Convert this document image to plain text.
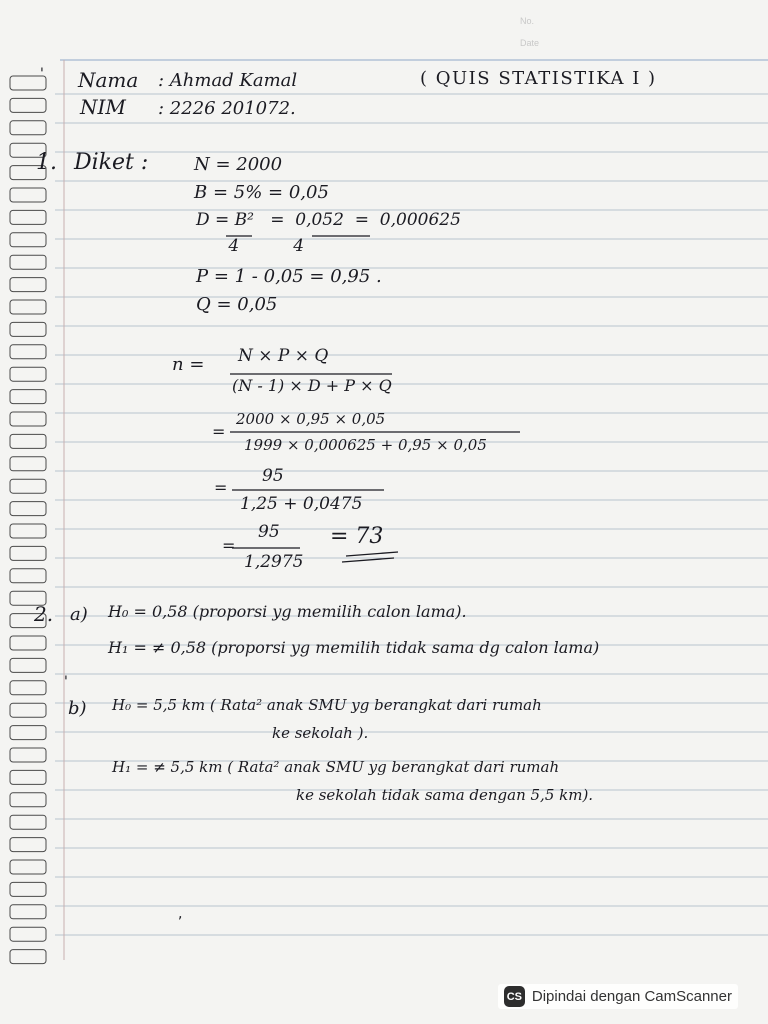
No.
Date
' Nama : Ahmad Kamal
NIM : 2226 201072.
( QUIS STATISTIKA I )
1. Diket :	N = 2000
B = 5% = 0,05
D = B²   =  0,052  =  0,000625
4          4
P = 1 - 0,05 = 0,95 .
Q = 0,05
n = N × P × Q
(N - 1) × D + P × Q
=
2000 × 0,95 × 0,05
1999 × 0,000625 + 0,95 × 0,05
=
95
1,25 + 0,0475
=
95
1,2975
= 73
2. a) H₀ = 0,58 (proporsi yg memilih calon lama).
H₁ = ≠ 0,58 (proporsi yg memilih tidak sama dg calon lama)
'
b) H₀ = 5,5 km ( Rata² anak SMU yg berangkat dari rumah
ke sekolah ).
H₁ = ≠ 5,5 km ( Rata² anak SMU yg berangkat dari rumah
ke sekolah tidak sama dengan 5,5 km).
,
CS Dipindai dengan CamScanner
